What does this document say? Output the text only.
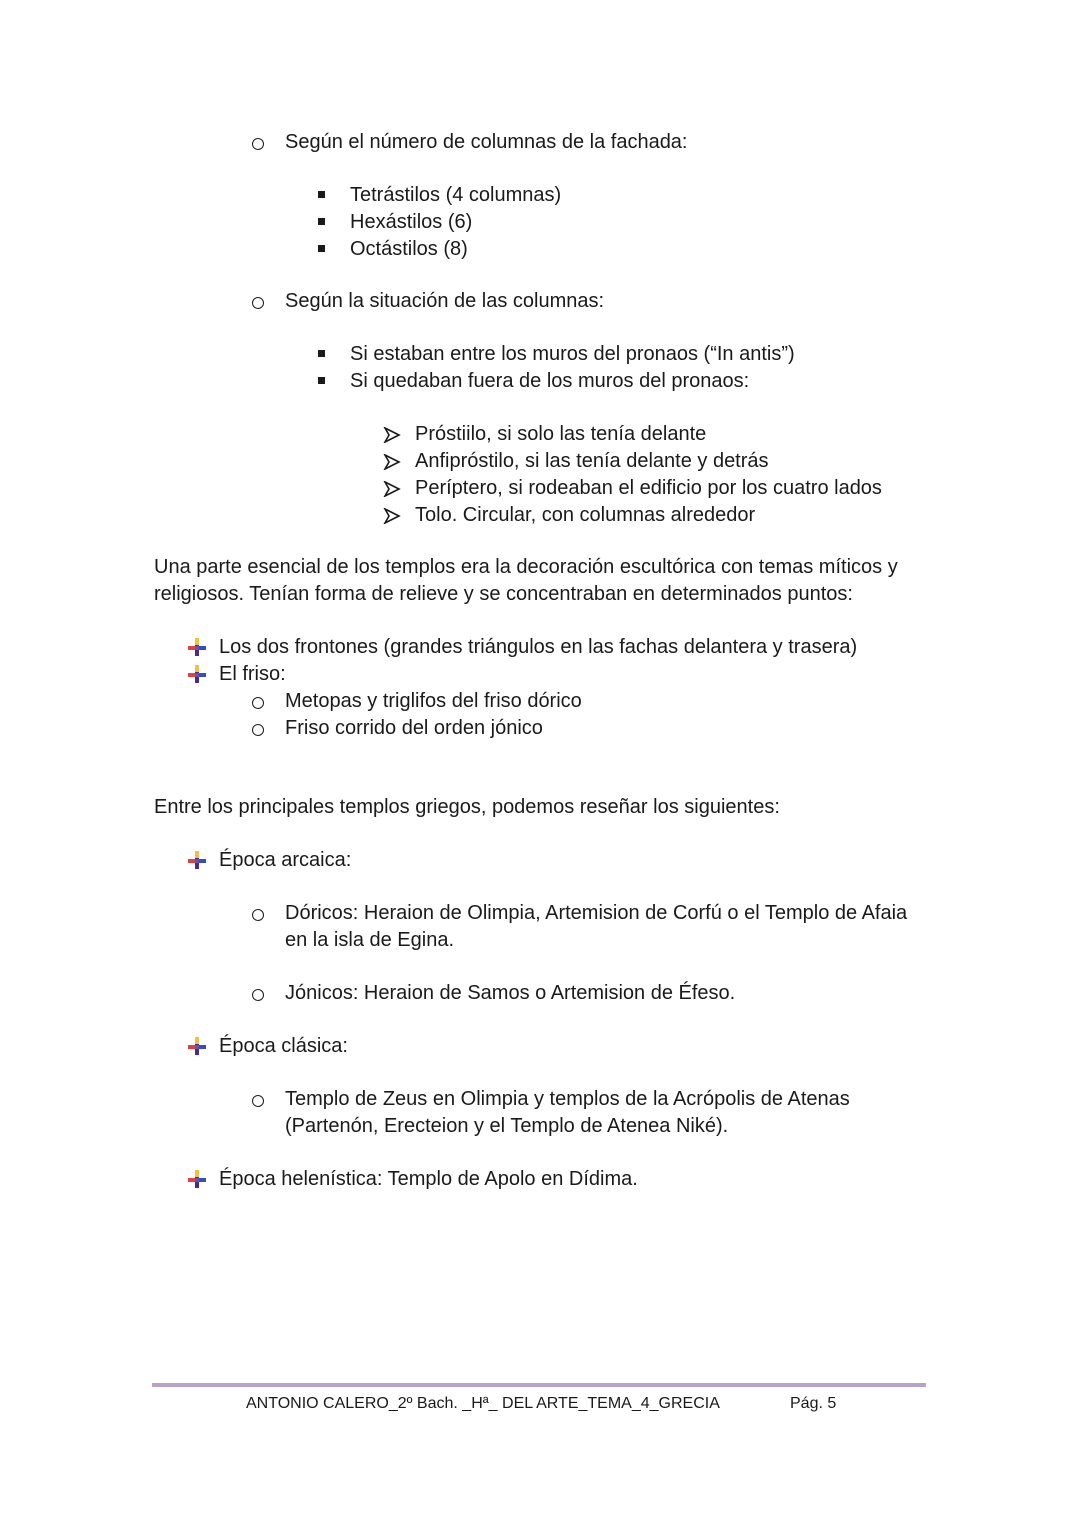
Según el número de columnas de la fachada:
Tetrástilos (4 columnas)
Hexástilos (6)
Octástilos (8)
Según la situación de las columnas:
Si estaban entre los muros del pronaos (“In antis”)
Si quedaban fuera de los muros del pronaos:
Próstiilo, si solo las tenía delante
Anfipróstilo, si las tenía delante y detrás
Períptero, si rodeaban el edificio por los cuatro lados
Tolo. Circular, con columnas alrededor
Una parte esencial de los templos era la decoración escultórica con temas míticos y
religiosos. Tenían forma de relieve y se concentraban en determinados puntos:
Los dos frontones (grandes triángulos en las fachas delantera y trasera)
El friso:
Metopas y triglifos del friso dórico
Friso corrido del orden jónico
Entre los principales templos griegos, podemos reseñar los siguientes:
Época arcaica:
Dóricos: Heraion de Olimpia, Artemision de Corfú o el Templo de Afaia
en la isla de Egina.
Jónicos: Heraion de Samos o Artemision de Éfeso.
Época clásica:
Templo de Zeus en Olimpia y templos de la Acrópolis de Atenas
(Partenón, Erecteion y el Templo de Atenea Niké).
Época helenística: Templo de Apolo en Dídima.
ANTONIO CALERO_2º Bach. _Hª_ DEL ARTE_TEMA_4_GRECIA	Pág. 5
